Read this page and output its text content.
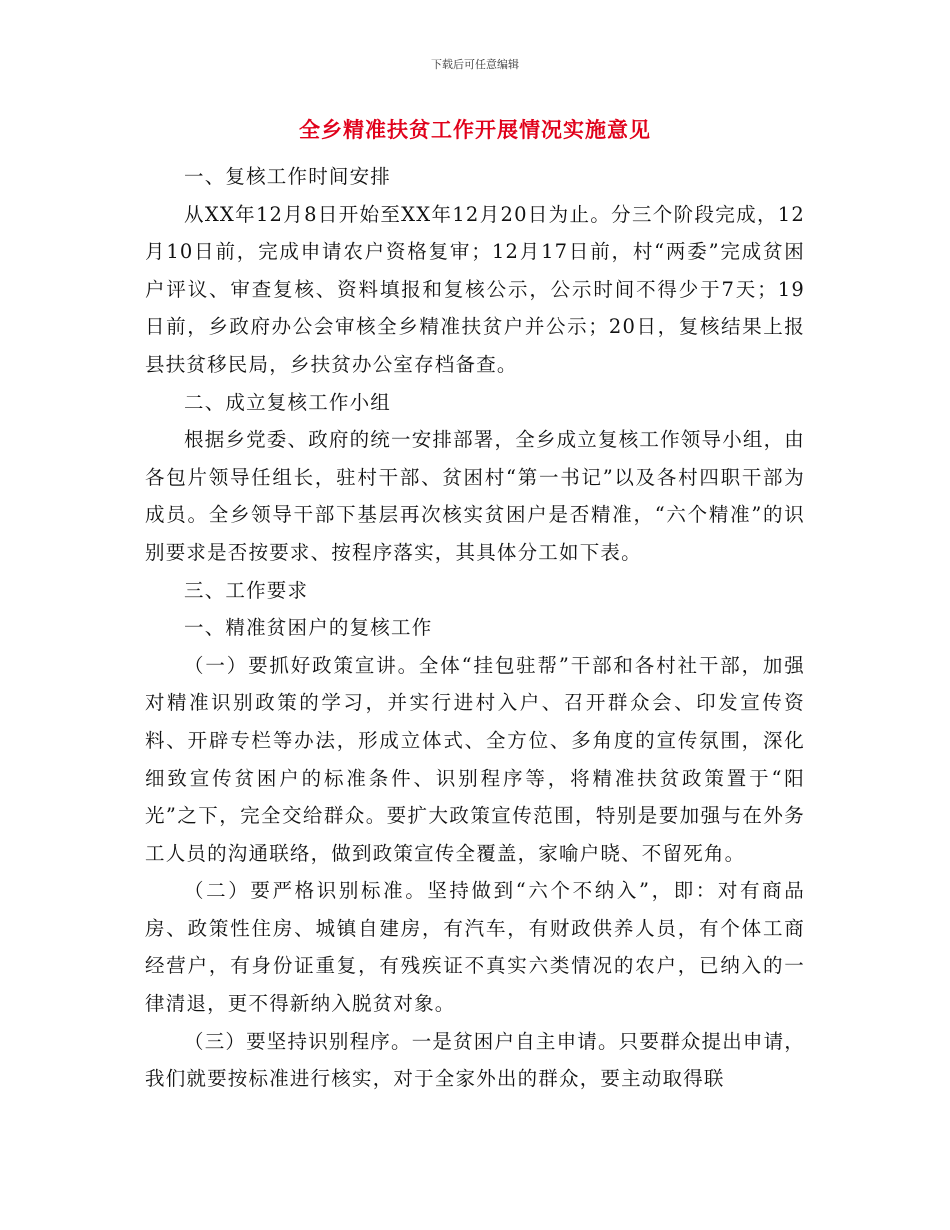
下载后可任意编辑
全乡精准扶贫工作开展情况实施意见

一、复核工作时间安排

从XX年12月8日开始至XX年12月20日为止。分三个阶段完成，12月10日前，完成申请农户资格复审；12月17日前，村“两委”完成贫困户评议、审查复核、资料填报和复核公示，公示时间不得少于7天；19日前，乡政府办公会审核全乡精准扶贫户并公示；20日，复核结果上报县扶贫移民局，乡扶贫办公室存档备查。

二、成立复核工作小组

根据乡党委、政府的统一安排部署，全乡成立复核工作领导小组，由各包片领导任组长，驻村干部、贫困村“第一书记”以及各村四职干部为成员。全乡领导干部下基层再次核实贫困户是否精准，“六个精准”的识别要求是否按要求、按程序落实，其具体分工如下表。

三、工作要求

一、精准贫困户的复核工作

（一）要抓好政策宣讲。全体“挂包驻帮”干部和各村社干部，加强对精准识别政策的学习，并实行进村入户、召开群众会、印发宣传资料、开辟专栏等办法，形成立体式、全方位、多角度的宣传氛围，深化细致宣传贫困户的标准条件、识别程序等，将精准扶贫政策置于“阳光”之下，完全交给群众。要扩大政策宣传范围，特别是要加强与在外务工人员的沟通联络，做到政策宣传全覆盖，家喻户晓、不留死角。

（二）要严格识别标准。坚持做到“六个不纳入”，即：对有商品房、政策性住房、城镇自建房，有汽车，有财政供养人员，有个体工商经营户，有身份证重复，有残疾证不真实六类情况的农户，已纳入的一律清退，更不得新纳入脱贫对象。

（三）要坚持识别程序。一是贫困户自主申请。只要群众提出申请，我们就要按标准进行核实，对于全家外出的群众，要主动取得联
